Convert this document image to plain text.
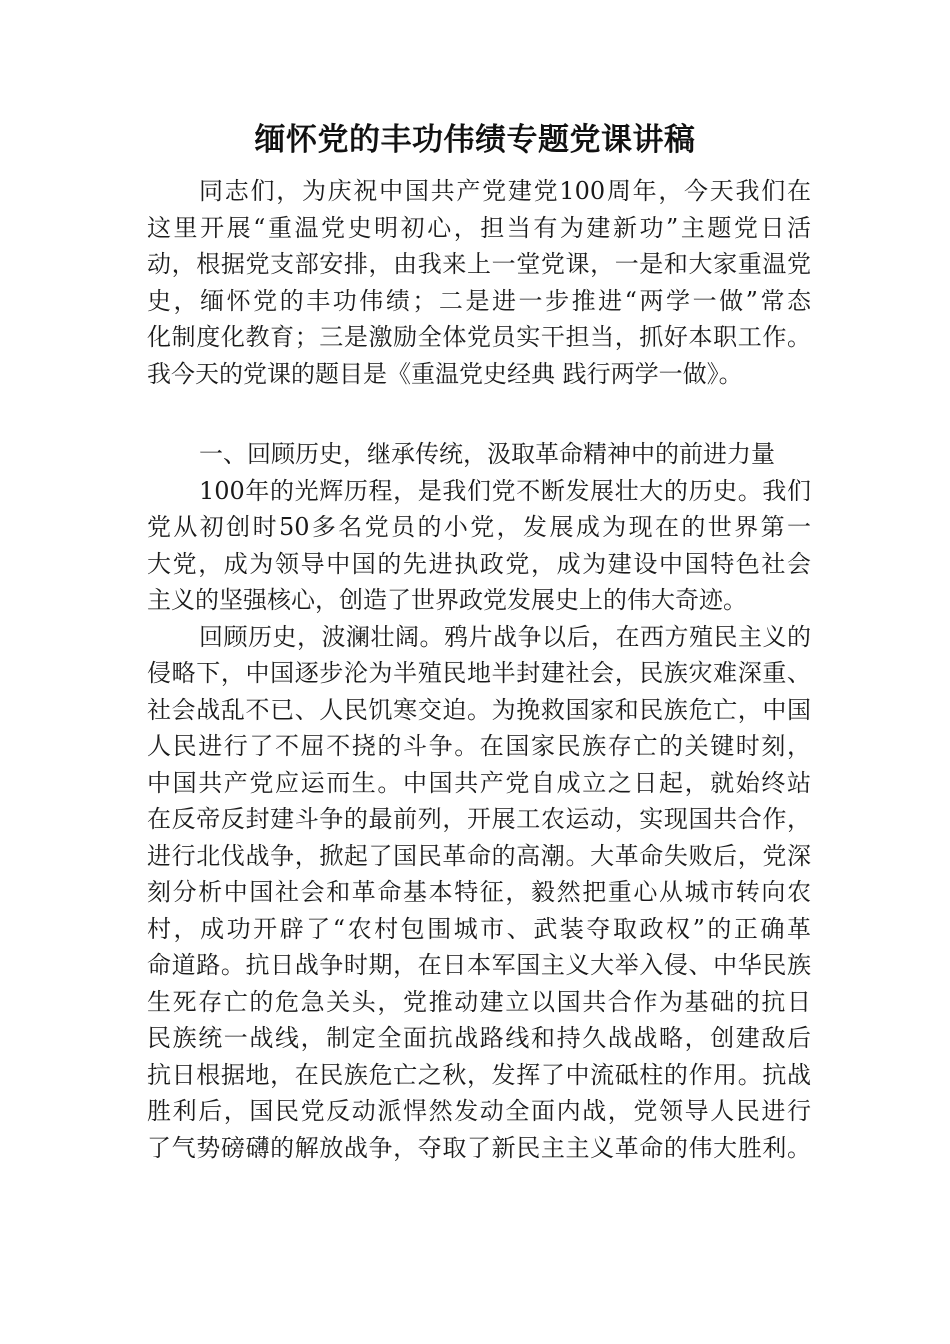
缅怀党的丰功伟绩专题党课讲稿
同志们，为庆祝中国共产党建党100周年，今天我们在
这里开展“重温党史明初心，担当有为建新功”主题党日活
动，根据党支部安排，由我来上一堂党课，一是和大家重温党
史，缅怀党的丰功伟绩；二是进一步推进“两学一做”常态
化制度化教育；三是激励全体党员实干担当，抓好本职工作。
我今天的党课的题目是《重温党史经典 践行两学一做》。
一、回顾历史，继承传统，汲取革命精神中的前进力量
100年的光辉历程，是我们党不断发展壮大的历史。我们
党从初创时50多名党员的小党，发展成为现在的世界第一
大党，成为领导中国的先进执政党，成为建设中国特色社会
主义的坚强核心，创造了世界政党发展史上的伟大奇迹。
回顾历史，波澜壮阔。鸦片战争以后，在西方殖民主义的
侵略下，中国逐步沦为半殖民地半封建社会，民族灾难深重、
社会战乱不已、人民饥寒交迫。为挽救国家和民族危亡，中国
人民进行了不屈不挠的斗争。在国家民族存亡的关键时刻，
中国共产党应运而生。中国共产党自成立之日起，就始终站
在反帝反封建斗争的最前列，开展工农运动，实现国共合作，
进行北伐战争，掀起了国民革命的高潮。大革命失败后，党深
刻分析中国社会和革命基本特征，毅然把重心从城市转向农
村，成功开辟了“农村包围城市、武装夺取政权”的正确革
命道路。抗日战争时期，在日本军国主义大举入侵、中华民族
生死存亡的危急关头，党推动建立以国共合作为基础的抗日
民族统一战线，制定全面抗战路线和持久战战略，创建敌后
抗日根据地，在民族危亡之秋，发挥了中流砥柱的作用。抗战
胜利后，国民党反动派悍然发动全面内战，党领导人民进行
了气势磅礴的解放战争，夺取了新民主主义革命的伟大胜利。
